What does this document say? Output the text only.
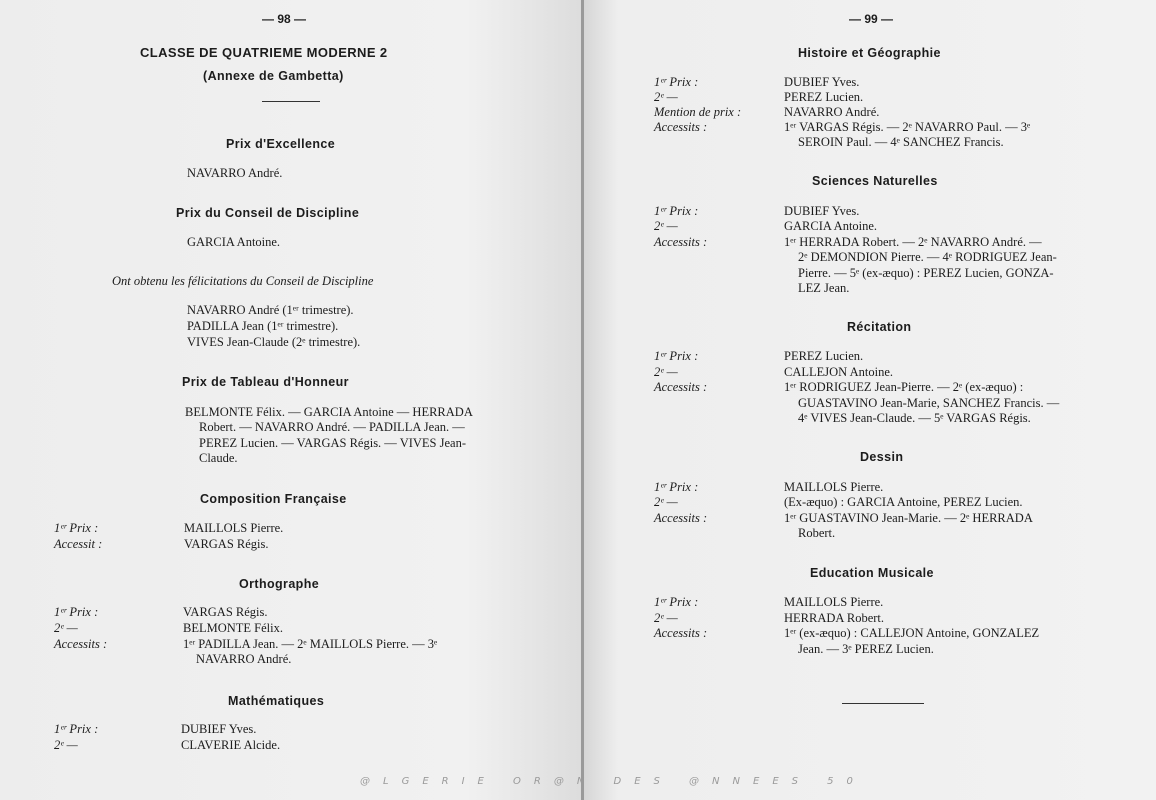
— 98 —
CLASSE DE QUATRIEME MODERNE 2
(Annexe de Gambetta)
Prix d'Excellence
NAVARRO André.
Prix du Conseil de Discipline
GARCIA Antoine.
Ont obtenu les félicitations du Conseil de Discipline
NAVARRO André (1ᵉʳ trimestre).
PADILLA Jean (1ᵉʳ trimestre).
VIVES Jean-Claude (2ᵉ trimestre).
Prix de Tableau d'Honneur
BELMONTE Félix. — GARCIA Antoine — HERRADA
Robert. — NAVARRO André. — PADILLA Jean. —
PEREZ Lucien. — VARGAS Régis. — VIVES Jean-
Claude.
Composition Française
1ᵉʳ Prix :	MAILLOLS Pierre.
Accessit :	VARGAS Régis.
Orthographe
1ᵉʳ Prix :	VARGAS Régis.
2ᵉ —	BELMONTE Félix.
Accessits :	1ᵉʳ PADILLA Jean. — 2ᵉ MAILLOLS Pierre. — 3ᵉ
NAVARRO André.
Mathématiques
1ᵉʳ Prix :	DUBIEF Yves.
2ᵉ —	CLAVERIE Alcide.
— 99 —
Histoire et Géographie
1ᵉʳ Prix :	DUBIEF Yves.
2ᵉ —	PEREZ Lucien.
Mention de prix :	NAVARRO André.
Accessits :	1ᵉʳ VARGAS Régis. — 2ᵉ NAVARRO Paul. — 3ᵉ
SEROIN Paul. — 4ᵉ SANCHEZ Francis.
Sciences Naturelles
1ᵉʳ Prix :	DUBIEF Yves.
2ᵉ —	GARCIA Antoine.
Accessits :	1ᵉʳ HERRADA Robert. — 2ᵉ NAVARRO André. —
2ᵉ DEMONDION Pierre. — 4ᵉ RODRIGUEZ Jean-
Pierre. — 5ᵉ (ex-æquo) : PEREZ Lucien, GONZA-
LEZ Jean.
Récitation
1ᵉʳ Prix :	PEREZ Lucien.
2ᵉ —	CALLEJON Antoine.
Accessits :	1ᵉʳ RODRIGUEZ Jean-Pierre. — 2ᵉ (ex-æquo) :
GUASTAVINO Jean-Marie, SANCHEZ Francis. —
4ᵉ VIVES Jean-Claude. — 5ᵉ VARGAS Régis.
Dessin
1ᵉʳ Prix :	MAILLOLS Pierre.
2ᵉ —	(Ex-æquo) : GARCIA Antoine, PEREZ Lucien.
Accessits :	1ᵉʳ GUASTAVINO Jean-Marie. — 2ᵉ HERRADA
Robert.
Education Musicale
1ᵉʳ Prix :	MAILLOLS Pierre.
2ᵉ —	HERRADA Robert.
Accessits :	1ᵉʳ (ex-æquo) : CALLEJON Antoine, GONZALEZ
Jean. — 3ᵉ PEREZ Lucien.
@LGERIE OR@N DES @NNEES 50
